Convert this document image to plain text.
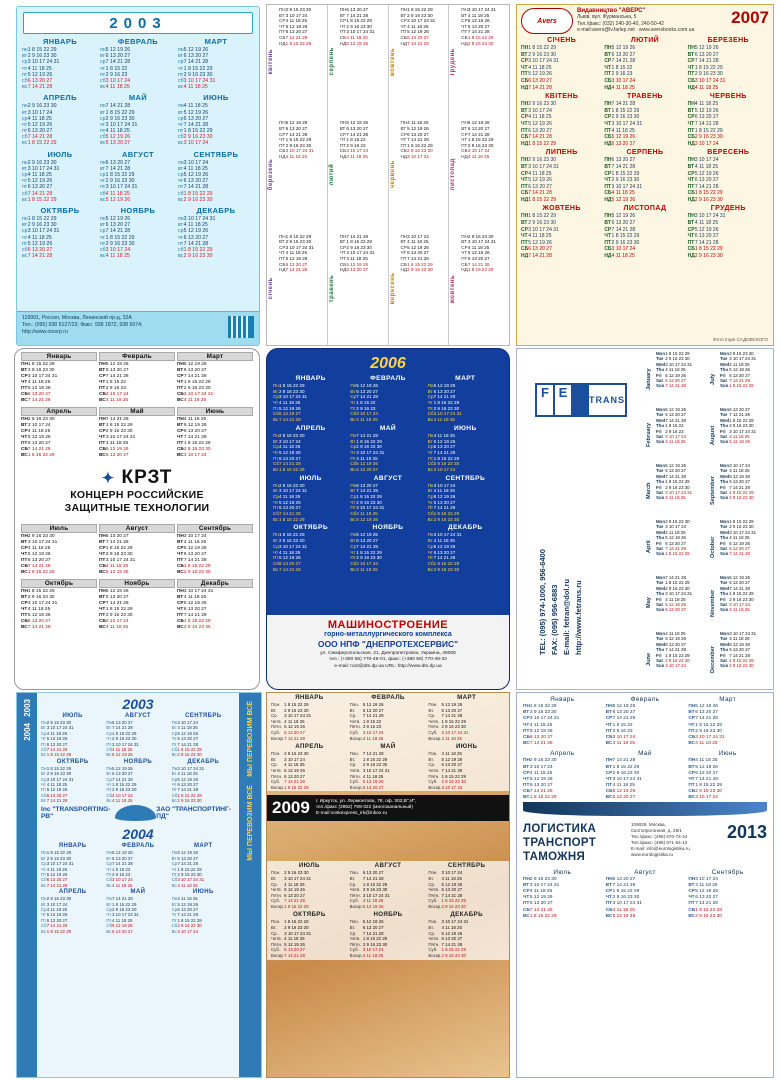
2003
ЯНВАРЬ
пн
вт
ср
чт
пт
сб
вс
1 8 15 22 29
2 9 16 23 30
3 10 17 24 31
4 11 18 25
5 12 19 26
6 13 20 27
7 14 21 28
ФЕВРАЛЬ
пн
вт
ср
чт
пт
сб
вс
5 12 19 26
6 13 20 27
7 14 21 28
1 8 15 22
2 9 16 23
3 10 17 24
4 11 18 25
МАРТ
пн
вт
ср
чт
пт
сб
вс
5 12 19 26
6 13 20 27
7 14 21 28
1 8 15 22 29
2 9 16 23 30
3 10 17 24 31
4 11 18 25
АПРЕЛЬ
пн
вт
ср
чт
пт
сб
вс
2 9 16 23 30
3 10 17 24
4 11 18 25
5 12 19 26
6 13 20 27
7 14 21 28
1 8 15 22 29
МАЙ
пн
вт
ср
чт
пт
сб
вс
7 14 21 28
1 8 15 22 29
2 9 16 23 30
3 10 17 24 31
4 11 18 25
5 12 19 26
6 13 20 27
ИЮНЬ
пн
вт
ср
чт
пт
сб
вс
4 11 18 25
5 12 19 26
6 13 20 27
7 14 21 28
1 8 15 22 29
2 9 16 23 30
3 10 17 24
ИЮЛЬ
пн
вт
ср
чт
пт
сб
вс
2 9 16 23 30
3 10 17 24 31
4 11 18 25
5 12 19 26
6 13 20 27
7 14 21 28
1 8 15 22 29
АВГУСТ
пн
вт
ср
чт
пт
сб
вс
6 13 20 27
7 14 21 28
1 8 15 22 29
2 9 16 23 30
3 10 17 24 31
4 11 18 25
5 12 19 26
СЕНТЯБРЬ
пн
вт
ср
чт
пт
сб
вс
3 10 17 24
4 11 18 25
5 12 19 26
6 13 20 27
7 14 21 28
1 8 15 22 29
2 9 16 23 30
ОКТЯБРЬ
пн
вт
ср
чт
пт
сб
вс
1 8 15 22 29
2 9 16 23 30
3 10 17 24 31
4 11 18 25
5 12 19 26
6 13 20 27
7 14 21 28
НОЯБРЬ
пн
вт
ср
чт
пт
сб
вс
5 12 19 26
6 13 20 27
7 14 21 28
1 8 15 22 29
2 9 16 23 30
3 10 17 24
4 11 18 25
ДЕКАБРЬ
пн
вт
ср
чт
пт
сб
вс
3 10 17 24 31
4 11 18 25
5 12 19 26
6 13 20 27
7 14 21 28
1 8 15 22 29
2 9 16 23 30
119991, Россия, Москва, Ленинский пр-д, 32А
Тел.: (095) 938 5127/23; Факс: 938 1872, 938 5074;
http://www.otcerp.ru
квітень
ПН
ВТ
СР
ЧТ
ПТ
СБ
НД
2 9 16 23 30
3 10 17 24
4 11 18 25
5 12 19 26
6 13 20 27
7 14 21 28
1 8 15 22 29
березень
ПН
ВТ
СР
ЧТ
ПТ
СБ
НД
5 12 19 26
6 13 20 27
7 14 21 28
1 8 15 22 29
2 9 16 23 30
3 10 17 24 31
4 11 18 25
січень
ПН
ВТ
СР
ЧТ
ПТ
СБ
НД
1 8 15 22 29
2 9 16 23 30
3 10 17 24 31
4 11 18 25
5 12 19 26
6 13 20 27
7 14 21 28
серпень
ПН
ВТ
СР
ЧТ
ПТ
СБ
НД
6 13 20 27
7 14 21 28
1 8 15 22 29
2 9 16 23 30
3 10 17 24 31
4 11 18 25
5 12 19 26
лютий
ПН
ВТ
СР
ЧТ
ПТ
СБ
НД
5 12 19 26
6 13 20 27
7 14 21 28
1 8 15 22
2 9 16 23
3 10 17 24
4 11 18 25
травень
ПН
ВТ
СР
ЧТ
ПТ
СБ
НД
7 14 21 28
1 8 15 22 29
2 9 16 23 30
3 10 17 24 31
4 11 18 25
5 12 19 26
6 13 20 27
жовтень
ПН
ВТ
СР
ЧТ
ПТ
СБ
НД
1 8 15 22 29
2 9 16 23 30
3 10 17 24 31
4 11 18 25
5 12 19 26
6 13 20 27
7 14 21 28
червень
ПН
ВТ
СР
ЧТ
ПТ
СБ
НД
4 11 18 25
5 12 19 26
6 13 20 27
7 14 21 28
1 8 15 22 29
2 9 16 23 30
3 10 17 24
вересень
ПН
ВТ
СР
ЧТ
ПТ
СБ
НД
3 10 17 24
4 11 18 25
5 12 19 26
6 13 20 27
7 14 21 28
1 8 15 22 29
2 9 16 23 30
грудень
ПН
ВТ
СР
ЧТ
ПТ
СБ
НД
3 10 17 24 31
4 11 18 25
5 12 19 26
6 13 20 27
7 14 21 28
1 8 15 22 29
2 9 16 23 30
листопад
ПН
ВТ
СР
ЧТ
ПТ
СБ
НД
5 12 19 26
6 13 20 27
7 14 21 28
1 8 15 22 29
2 9 16 23 30
3 10 17 24
4 11 18 25
жовтень
ПН
ВТ
СР
ЧТ
ПТ
СБ
НД
2 9 16 23 30
3 10 17 24 31
4 11 18 25
5 12 19 26
6 13 20 27
7 14 21 28
1 8 15 22 29
Avers
Видавництво "АВЕРС"
Львів, вул. Фурманська, 5
Тел./факс: (032) 240-30-40, 240-50-42
e-mail:avers@lv.farlep.net www.aversbooks.com.ua
2007
СІЧЕНЬ
ПН
ВТ
СР
ЧТ
ПТ
СБ
НД
1 8 15 22 29
2 9 16 23 30
3 10 17 24 31
4 11 18 25
5 12 19 26
6 13 20 27
7 14 21 28
ЛЮТИЙ
ПН
ВТ
СР
ЧТ
ПТ
СБ
НД
5 12 19 26
6 13 20 27
7 14 21 28
1 8 15 22
2 9 16 23
3 10 17 24
4 11 18 25
БЕРЕЗЕНЬ
ПН
ВТ
СР
ЧТ
ПТ
СБ
НД
5 12 19 26
6 13 20 27
7 14 21 28
1 8 15 22 29
2 9 16 23 30
3 10 17 24 31
4 11 18 25
КВІТЕНЬ
ПН
ВТ
СР
ЧТ
ПТ
СБ
НД
2 9 16 23 30
3 10 17 24
4 11 18 25
5 12 19 26
6 13 20 27
7 14 21 28
1 8 15 22 29
ТРАВЕНЬ
ПН
ВТ
СР
ЧТ
ПТ
СБ
НД
7 14 21 28
1 8 15 22 29
2 9 16 23 30
3 10 17 24 31
4 11 18 25
5 12 19 26
6 13 20 27
ЧЕРВЕНЬ
ПН
ВТ
СР
ЧТ
ПТ
СБ
НД
4 11 18 25
5 12 19 26
6 13 20 27
7 14 21 28
1 8 15 22 29
2 9 16 23 30
3 10 17 24
ЛИПЕНЬ
ПН
ВТ
СР
ЧТ
ПТ
СБ
НД
2 9 16 23 30
3 10 17 24 31
4 11 18 25
5 12 19 26
6 13 20 27
7 14 21 28
1 8 15 22 29
СЕРПЕНЬ
ПН
ВТ
СР
ЧТ
ПТ
СБ
НД
6 13 20 27
7 14 21 28
1 8 15 22 29
2 9 16 23 30
3 10 17 24 31
4 11 18 25
5 12 19 26
ВЕРЕСЕНЬ
ПН
ВТ
СР
ЧТ
ПТ
СБ
НД
3 10 17 24
4 11 18 25
5 12 19 26
6 13 20 27
7 14 21 28
1 8 15 22 29
2 9 16 23 30
ЖОВТЕНЬ
ПН
ВТ
СР
ЧТ
ПТ
СБ
НД
1 8 15 22 29
2 9 16 23 30
3 10 17 24 31
4 11 18 25
5 12 19 26
6 13 20 27
7 14 21 28
ЛИСТОПАД
ПН
ВТ
СР
ЧТ
ПТ
СБ
НД
5 12 19 26
6 13 20 27
7 14 21 28
1 8 15 22 29
2 9 16 23 30
3 10 17 24
4 11 18 25
ГРУДЕНЬ
ПН
ВТ
СР
ЧТ
ПТ
СБ
НД
3 10 17 24 31
4 11 18 25
5 12 19 26
6 13 20 27
7 14 21 28
1 8 15 22 29
2 9 16 23 30
Фото Ігоря САДОВСКОГО
Январь
ПН
ВТ
СР
ЧТ
ПТ
СБ
ВС
1 8 15 22 29
2 9 16 23 30
3 10 17 24 31
4 11 18 25
5 12 19 26
6 13 20 27
7 14 21 28
Февраль
ПН
ВТ
СР
ЧТ
ПТ
СБ
ВС
5 12 19 26
6 13 20 27
7 14 21 28
1 8 15 22
2 9 16 23
3 10 17 24
4 11 18 25
Март
ПН
ВТ
СР
ЧТ
ПТ
СБ
ВС
5 12 19 26
6 13 20 27
7 14 21 28
1 8 15 22 29
2 9 16 23 30
3 10 17 24 31
4 11 18 25
Апрель
ПН
ВТ
СР
ЧТ
ПТ
СБ
ВС
2 9 16 23 30
3 10 17 24
4 11 18 25
5 12 19 26
6 13 20 27
7 14 21 28
1 8 15 22 29
Май
ПН
ВТ
СР
ЧТ
ПТ
СБ
ВС
7 14 21 28
1 8 15 22 29
2 9 16 23 30
3 10 17 24 31
4 11 18 25
5 12 19 26
6 13 20 27
Июнь
ПН
ВТ
СР
ЧТ
ПТ
СБ
ВС
4 11 18 25
5 12 19 26
6 13 20 27
7 14 21 28
1 8 15 22 29
2 9 16 23 30
3 10 17 24
✦ КРЗТ
КОНЦЕРН РОССИЙСКИЕ
ЗАЩИТНЫЕ ТЕХНОЛОГИИ
Июль
ПН
ВТ
СР
ЧТ
ПТ
СБ
ВС
2 9 16 23 30
3 10 17 24 31
4 11 18 25
5 12 19 26
6 13 20 27
7 14 21 28
1 8 15 22 29
Август
ПН
ВТ
СР
ЧТ
ПТ
СБ
ВС
6 13 20 27
7 14 21 28
1 8 15 22 29
2 9 16 23 30
3 10 17 24 31
4 11 18 25
5 12 19 26
Сентябрь
ПН
ВТ
СР
ЧТ
ПТ
СБ
ВС
3 10 17 24
4 11 18 25
5 12 19 26
6 13 20 27
7 14 21 28
1 8 15 22 29
2 9 16 23 30
Октябрь
ПН
ВТ
СР
ЧТ
ПТ
СБ
ВС
1 8 15 22 29
2 9 16 23 30
3 10 17 24 31
4 11 18 25
5 12 19 26
6 13 20 27
7 14 21 28
Ноябрь
ПН
ВТ
СР
ЧТ
ПТ
СБ
ВС
5 12 19 26
6 13 20 27
7 14 21 28
1 8 15 22 29
2 9 16 23 30
3 10 17 24
4 11 18 25
Декабрь
ПН
ВТ
СР
ЧТ
ПТ
СБ
ВС
3 10 17 24 31
4 11 18 25
5 12 19 26
6 13 20 27
7 14 21 28
1 8 15 22 29
2 9 16 23 30
2006
ЯНВАРЬ
Пн
Вт
Ср
Чт
Пт
Сб
Вс
1 8 15 22 29
2 9 16 23 30
3 10 17 24 31
4 11 18 25
5 12 19 26
6 13 20 27
7 14 21 28
ФЕВРАЛЬ
Пн
Вт
Ср
Чт
Пт
Сб
Вс
5 12 19 26
6 13 20 27
7 14 21 28
1 8 15 22
2 9 16 23
3 10 17 24
4 11 18 25
МАРТ
Пн
Вт
Ср
Чт
Пт
Сб
Вс
5 12 19 26
6 13 20 27
7 14 21 28
1 8 15 22 29
2 9 16 23 30
3 10 17 24 31
4 11 18 25
АПРЕЛЬ
Пн
Вт
Ср
Чт
Пт
Сб
Вс
2 9 16 23 30
3 10 17 24
4 11 18 25
5 12 19 26
6 13 20 27
7 14 21 28
1 8 15 22 29
МАЙ
Пн
Вт
Ср
Чт
Пт
Сб
Вс
7 14 21 28
1 8 15 22 29
2 9 16 23 30
3 10 17 24 31
4 11 18 25
5 12 19 26
6 13 20 27
ИЮНЬ
Пн
Вт
Ср
Чт
Пт
Сб
Вс
4 11 18 25
5 12 19 26
6 13 20 27
7 14 21 28
1 8 15 22 29
2 9 16 23 30
3 10 17 24
ИЮЛЬ
Пн
Вт
Ср
Чт
Пт
Сб
Вс
2 9 16 23 30
3 10 17 24 31
4 11 18 25
5 12 19 26
6 13 20 27
7 14 21 28
1 8 15 22 29
АВГУСТ
Пн
Вт
Ср
Чт
Пт
Сб
Вс
6 13 20 27
7 14 21 28
1 8 15 22 29
2 9 16 23 30
3 10 17 24 31
4 11 18 25
5 12 19 26
СЕНТЯБРЬ
Пн
Вт
Ср
Чт
Пт
Сб
Вс
3 10 17 24
4 11 18 25
5 12 19 26
6 13 20 27
7 14 21 28
1 8 15 22 29
2 9 16 23 30
ОКТЯБРЬ
Пн
Вт
Ср
Чт
Пт
Сб
Вс
1 8 15 22 29
2 9 16 23 30
3 10 17 24 31
4 11 18 25
5 12 19 26
6 13 20 27
7 14 21 28
НОЯБРЬ
Пн
Вт
Ср
Чт
Пт
Сб
Вс
5 12 19 26
6 13 20 27
7 14 21 28
1 8 15 22 29
2 9 16 23 30
3 10 17 24
4 11 18 25
ДЕКАБРЬ
Пн
Вт
Ср
Чт
Пт
Сб
Вс
3 10 17 24 31
4 11 18 25
5 12 19 26
6 13 20 27
7 14 21 28
1 8 15 22 29
2 9 16 23 30
МАШИНОСТРОЕНИЕ
горно-металлургического комплекса
ООО НПФ "ДНЕПРОТЕХСЕРВИС"
ул. Симферопольская, 21, Днепропетровск, Украина, 49005
тел.: (+380 56) 770-49-01, факс: (+380 56) 770-49-32
e-mail: root@dts.dp.ua URL: http://www.dts.dp.ua
F E	TRANS
TEL: (095) 974-1000, 956-6400 FAX: (095) 956-6883 E-mail: fetran@dol.ru http://www.fetrans.ru
January
Mon
Tue
Wed
Thu
Fri
Sat
Sun
1 8 15 22 29
2 9 16 23 30
3 10 17 24 31
4 11 18 25
5 12 19 26
6 13 20 27
7 14 21 28
February
Mon
Tue
Wed
Thu
Fri
Sat
Sun
5 12 19 26
6 13 20 27
7 14 21 28
1 8 15 22
2 9 16 23
3 10 17 24
4 11 18 25
March
Mon
Tue
Wed
Thu
Fri
Sat
Sun
5 12 19 26
6 13 20 27
7 14 21 28
1 8 15 22 29
2 9 16 23 30
3 10 17 24 31
4 11 18 25
April
Mon
Tue
Wed
Thu
Fri
Sat
Sun
2 9 16 23 30
3 10 17 24
4 11 18 25
5 12 19 26
6 13 20 27
7 14 21 28
1 8 15 22 29
May
Mon
Tue
Wed
Thu
Fri
Sat
Sun
7 14 21 28
1 8 15 22 29
2 9 16 23 30
3 10 17 24 31
4 11 18 25
5 12 19 26
6 13 20 27
June
Mon
Tue
Wed
Thu
Fri
Sat
Sun
4 11 18 25
5 12 19 26
6 13 20 27
7 14 21 28
1 8 15 22 29
2 9 16 23 30
3 10 17 24
July
Mon
Tue
Wed
Thu
Fri
Sat
Sun
2 9 16 23 30
3 10 17 24 31
4 11 18 25
5 12 19 26
6 13 20 27
7 14 21 28
1 8 15 22 29
August
Mon
Tue
Wed
Thu
Fri
Sat
Sun
6 13 20 27
7 14 21 28
1 8 15 22 29
2 9 16 23 30
3 10 17 24 31
4 11 18 25
5 12 19 26
September
Mon
Tue
Wed
Thu
Fri
Sat
Sun
3 10 17 24
4 11 18 25
5 12 19 26
6 13 20 27
7 14 21 28
1 8 15 22 29
2 9 16 23 30
October
Mon
Tue
Wed
Thu
Fri
Sat
Sun
1 8 15 22 29
2 9 16 23 30
3 10 17 24 31
4 11 18 25
5 12 19 26
6 13 20 27
7 14 21 28
November
Mon
Tue
Wed
Thu
Fri
Sat
Sun
5 12 19 26
6 13 20 27
7 14 21 28
1 8 15 22 29
2 9 16 23 30
3 10 17 24
4 11 18 25
December
Mon
Tue
Wed
Thu
Fri
Sat
Sun
3 10 17 24 31
4 11 18 25
5 12 19 26
6 13 20 27
7 14 21 28
1 8 15 22 29
2 9 16 23 30
2003
2004	МЫ ПЕРЕВОЗИМ ВСЁ
МЫ ПЕРЕВОЗИМ ВСЁ
2003
ИЮЛЬ
Пн
Вт
Ср
Чт
Пт
Сб
Вс
2 9 16 23 30
3 10 17 24 31
4 11 18 25
5 12 19 26
6 13 20 27
7 14 21 28
1 8 15 22 29
АВГУСТ
Пн
Вт
Ср
Чт
Пт
Сб
Вс
6 13 20 27
7 14 21 28
1 8 15 22 29
2 9 16 23 30
3 10 17 24 31
4 11 18 25
5 12 19 26
СЕНТЯБРЬ
Пн
Вт
Ср
Чт
Пт
Сб
Вс
3 10 17 24
4 11 18 25
5 12 19 26
6 13 20 27
7 14 21 28
1 8 15 22 29
2 9 16 23 30
ОКТЯБРЬ
Пн
Вт
Ср
Чт
Пт
Сб
Вс
1 8 15 22 29
2 9 16 23 30
3 10 17 24 31
4 11 18 25
5 12 19 26
6 13 20 27
7 14 21 28
НОЯБРЬ
Пн
Вт
Ср
Чт
Пт
Сб
Вс
5 12 19 26
6 13 20 27
7 14 21 28
1 8 15 22 29
2 9 16 23 30
3 10 17 24
4 11 18 25
ДЕКАБРЬ
Пн
Вт
Ср
Чт
Пт
Сб
Вс
3 10 17 24 31
4 11 18 25
5 12 19 26
6 13 20 27
7 14 21 28
1 8 15 22 29
2 9 16 23 30
Inc "TRANSPORTING-PB"
ЗАО "ТРАНСПОРТИНГ-ПД"
2004
ЯНВАРЬ
Пн
Вт
Ср
Чт
Пт
Сб
Вс
1 8 15 22 29
2 9 16 23 30
3 10 17 24 31
4 11 18 25
5 12 19 26
6 13 20 27
7 14 21 28
ФЕВРАЛЬ
Пн
Вт
Ср
Чт
Пт
Сб
Вс
5 12 19 26
6 13 20 27
7 14 21 28
1 8 15 22
2 9 16 23
3 10 17 24
4 11 18 25
МАРТ
Пн
Вт
Ср
Чт
Пт
Сб
Вс
5 12 19 26
6 13 20 27
7 14 21 28
1 8 15 22 29
2 9 16 23 30
3 10 17 24 31
4 11 18 25
АПРЕЛЬ
Пн
Вт
Ср
Чт
Пт
Сб
Вс
2 9 16 23 30
3 10 17 24
4 11 18 25
5 12 19 26
6 13 20 27
7 14 21 28
1 8 15 22 29
МАЙ
Пн
Вт
Ср
Чт
Пт
Сб
Вс
7 14 21 28
1 8 15 22 29
2 9 16 23 30
3 10 17 24 31
4 11 18 25
5 12 19 26
6 13 20 27
ИЮНЬ
Пн
Вт
Ср
Чт
Пт
Сб
Вс
4 11 18 25
5 12 19 26
6 13 20 27
7 14 21 28
1 8 15 22 29
2 9 16 23 30
3 10 17 24
ЯНВАРЬ
Пон.
Вт.
Ср.
Четв.
Пятн.
Суб.
Воскр.
1 8 15 22 29
2 9 16 23 30
3 10 17 24 31
4 11 18 25
5 12 19 26
6 13 20 27
7 14 21 28
ФЕВРАЛЬ
Пон.
Вт.
Ср.
Четв.
Пятн.
Суб.
Воскр.
5 12 19 26
6 13 20 27
7 14 21 28
1 8 15 22
2 9 16 23
3 10 17 24
4 11 18 25
МАРТ
Пон.
Вт.
Ср.
Четв.
Пятн.
Суб.
Воскр.
5 12 19 26
6 13 20 27
7 14 21 28
1 8 15 22 29
2 9 16 23 30
3 10 17 24 31
4 11 18 25
АПРЕЛЬ
Пон.
Вт.
Ср.
Четв.
Пятн.
Суб.
Воскр.
2 9 16 23 30
3 10 17 24
4 11 18 25
5 12 19 26
6 13 20 27
7 14 21 28
1 8 15 22 29
МАЙ
Пон.
Вт.
Ср.
Четв.
Пятн.
Суб.
Воскр.
7 14 21 28
1 8 15 22 29
2 9 16 23 30
3 10 17 24 31
4 11 18 25
5 12 19 26
6 13 20 27
ИЮНЬ
Пон.
Вт.
Ср.
Четв.
Пятн.
Суб.
Воскр.
4 11 18 25
5 12 19 26
6 13 20 27
7 14 21 28
1 8 15 22 29
2 9 16 23 30
3 10 17 24
2009 г. Иркутск, ул. Лермонтова, 78, оф. 302,В",И",
тел./факс (3952) 799-322 (многоканальный)
E-mail:voskexpress_irk@inbox.ru
ИЮЛЬ
Пон.
Вт.
Ср.
Четв.
Пятн.
Суб.
Воскр.
2 9 16 23 30
3 10 17 24 31
4 11 18 25
5 12 19 26
6 13 20 27
7 14 21 28
1 8 15 22 29
АВГУСТ
Пон.
Вт.
Ср.
Четв.
Пятн.
Суб.
Воскр.
6 13 20 27
7 14 21 28
1 8 15 22 29
2 9 16 23 30
3 10 17 24 31
4 11 18 25
5 12 19 26
СЕНТЯБРЬ
Пон.
Вт.
Ср.
Четв.
Пятн.
Суб.
Воскр.
3 10 17 24
4 11 18 25
5 12 19 26
6 13 20 27
7 14 21 28
1 8 15 22 29
2 9 16 23 30
ОКТЯБРЬ
Пон.
Вт.
Ср.
Четв.
Пятн.
Суб.
Воскр.
1 8 15 22 29
2 9 16 23 30
3 10 17 24 31
4 11 18 25
5 12 19 26
6 13 20 27
7 14 21 28
НОЯБРЬ
Пон.
Вт.
Ср.
Четв.
Пятн.
Суб.
Воскр.
5 12 19 26
6 13 20 27
7 14 21 28
1 8 15 22 29
2 9 16 23 30
3 10 17 24
4 11 18 25
ДЕКАБРЬ
Пон.
Вт.
Ср.
Четв.
Пятн.
Суб.
Воскр.
3 10 17 24 31
4 11 18 25
5 12 19 26
6 13 20 27
7 14 21 28
1 8 15 22 29
2 9 16 23 30
Январь
ПН
ВТ
СР
ЧТ
ПТ
СБ
ВС
1 8 15 22 29
2 9 16 23 30
3 10 17 24 31
4 11 18 25
5 12 19 26
6 13 20 27
7 14 21 28
Февраль
ПН
ВТ
СР
ЧТ
ПТ
СБ
ВС
5 12 19 26
6 13 20 27
7 14 21 28
1 8 15 22
2 9 16 23
3 10 17 24
4 11 18 25
Март
ПН
ВТ
СР
ЧТ
ПТ
СБ
ВС
5 12 19 26
6 13 20 27
7 14 21 28
1 8 15 22 29
2 9 16 23 30
3 10 17 24 31
4 11 18 25
Апрель
ПН
ВТ
СР
ЧТ
ПТ
СБ
ВС
2 9 16 23 30
3 10 17 24
4 11 18 25
5 12 19 26
6 13 20 27
7 14 21 28
1 8 15 22 29
Май
ПН
ВТ
СР
ЧТ
ПТ
СБ
ВС
7 14 21 28
1 8 15 22 29
2 9 16 23 30
3 10 17 24 31
4 11 18 25
5 12 19 26
6 13 20 27
Июнь
ПН
ВТ
СР
ЧТ
ПТ
СБ
ВС
4 11 18 25
5 12 19 26
6 13 20 27
7 14 21 28
1 8 15 22 29
2 9 16 23 30
3 10 17 24
ЛОГИСТИКА
ТРАНСПОРТ
ТАМОЖНЯ
109029, Москва,
Скотопрогонная, д. 29/1
Тел./факс: (495) 670-74-44
Тел./факс: (495) 671-54-13
E-mail: info@eurologistika.ru
www.eurologistika.ru
2013
Июль
ПН
ВТ
СР
ЧТ
ПТ
СБ
ВС
2 9 16 23 30
3 10 17 24 31
4 11 18 25
5 12 19 26
6 13 20 27
7 14 21 28
1 8 15 22 29
Август
ПН
ВТ
СР
ЧТ
ПТ
СБ
ВС
6 13 20 27
7 14 21 28
1 8 15 22 29
2 9 16 23 30
3 10 17 24 31
4 11 18 25
5 12 19 26
Сентябрь
ПН
ВТ
СР
ЧТ
ПТ
СБ
ВС
3 10 17 24
4 11 18 25
5 12 19 26
6 13 20 27
7 14 21 28
1 8 15 22 29
2 9 16 23 30
